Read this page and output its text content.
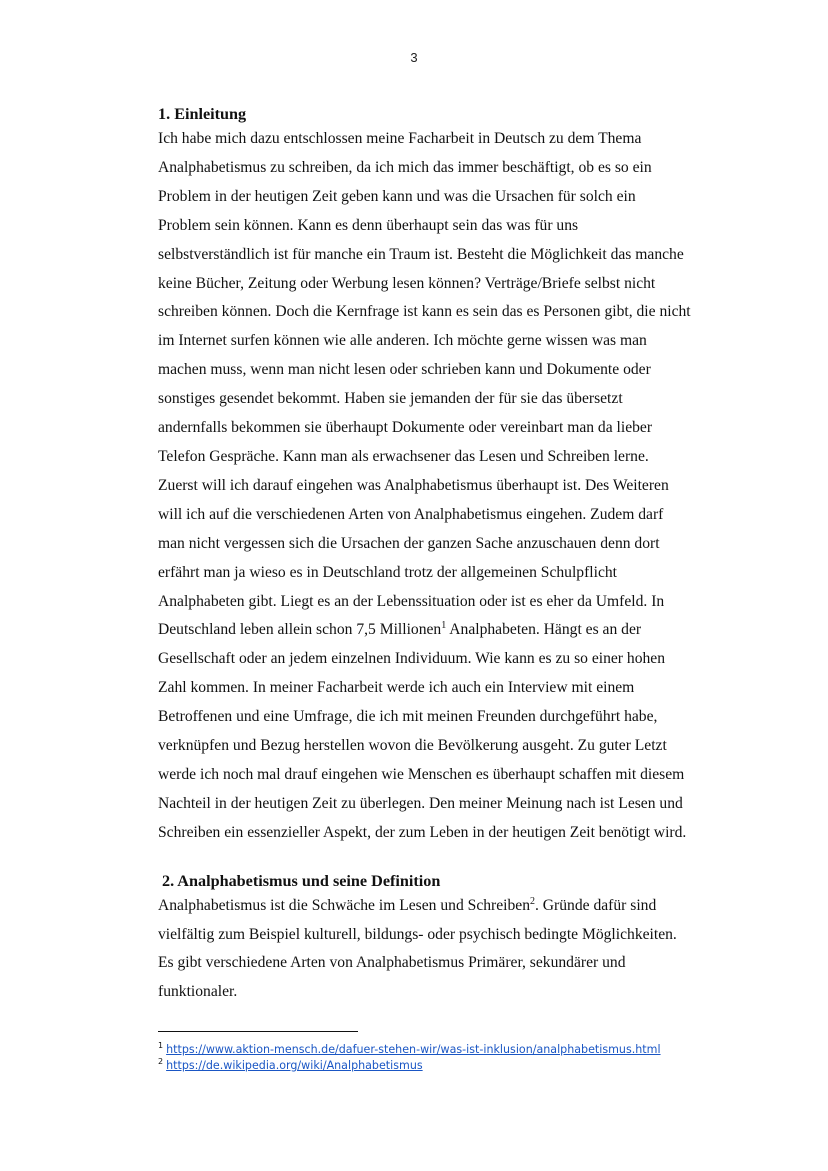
3
1. Einleitung
Ich habe mich dazu entschlossen meine Facharbeit in Deutsch zu dem Thema
Analphabetismus zu schreiben, da ich mich das immer beschäftigt, ob es so ein
Problem in der heutigen Zeit geben kann und was die Ursachen für solch ein
Problem sein können. Kann es denn überhaupt sein das was für uns
selbstverständlich ist für manche ein Traum ist. Besteht die Möglichkeit das manche
keine Bücher, Zeitung oder Werbung lesen können? Verträge/Briefe selbst nicht
schreiben können. Doch die Kernfrage ist kann es sein das es Personen gibt, die nicht
im Internet surfen können wie alle anderen. Ich möchte gerne wissen was man
machen muss, wenn man nicht lesen oder schrieben kann und Dokumente oder
sonstiges gesendet bekommt. Haben sie jemanden der für sie das übersetzt
andernfalls bekommen sie überhaupt Dokumente oder vereinbart man da lieber
Telefon Gespräche. Kann man als erwachsener das Lesen und Schreiben lerne.
Zuerst will ich darauf eingehen was Analphabetismus überhaupt ist. Des Weiteren
will ich auf die verschiedenen Arten von Analphabetismus eingehen. Zudem darf
man nicht vergessen sich die Ursachen der ganzen Sache anzuschauen denn dort
erfährt man ja wieso es in Deutschland trotz der allgemeinen Schulpflicht
Analphabeten gibt. Liegt es an der Lebenssituation oder ist es eher da Umfeld. In
Deutschland leben allein schon 7,5 Millionen$^1$ Analphabeten. Hängt es an der
Gesellschaft oder an jedem einzelnen Individuum. Wie kann es zu so einer hohen
Zahl kommen. In meiner Facharbeit werde ich auch ein Interview mit einem
Betroffenen und eine Umfrage, die ich mit meinen Freunden durchgeführt habe,
verknüpfen und Bezug herstellen wovon die Bevölkerung ausgeht. Zu guter Letzt
werde ich noch mal drauf eingehen wie Menschen es überhaupt schaffen mit diesem
Nachteil in der heutigen Zeit zu überlegen. Den meiner Meinung nach ist Lesen und
Schreiben ein essenzieller Aspekt, der zum Leben in der heutigen Zeit benötigt wird.
2. Analphabetismus und seine Definition
Analphabetismus ist die Schwäche im Lesen und Schreiben$^2$. Gründe dafür sind
vielfältig zum Beispiel kulturell, bildungs- oder psychisch bedingte Möglichkeiten.
Es gibt verschiedene Arten von Analphabetismus Primärer, sekundärer und
funktionaler.
$^1$ https://www.aktion-mensch.de/dafuer-stehen-wir/was-ist-inklusion/analphabetismus.html
$^2$ https://de.wikipedia.org/wiki/Analphabetismus
